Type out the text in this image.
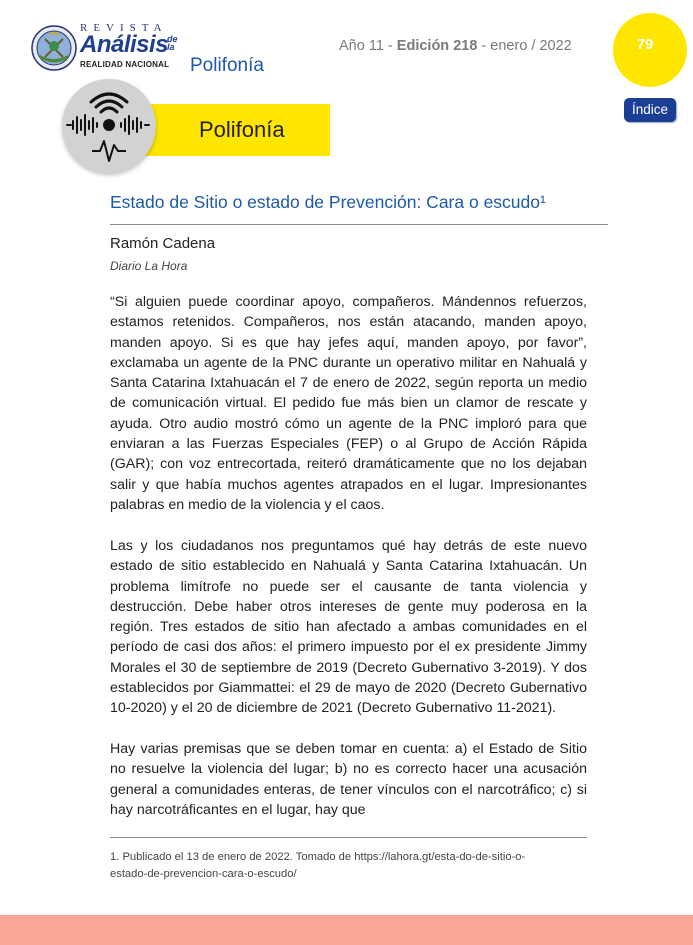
REVISTA
Análisis
de la
REALIDAD NACIONAL Polifonía
Año 11 - Edición 218 - enero / 2022	79
Índice
Polifonía
Estado de Sitio o estado de Prevención: Cara o escudo¹
Ramón Cadena
Diario La Hora

“Si alguien puede coordinar apoyo, compañeros. Mándennos refuerzos, estamos retenidos. Compañeros, nos están atacando, manden apoyo, manden apoyo. Si es que hay jefes aquí, manden apoyo, por favor”, exclamaba un agente de la PNC durante un operativo militar en Nahualá y Santa Catarina Ixtahuacán el 7 de enero de 2022, según reporta un medio de comunicación virtual. El pedido fue más bien un clamor de rescate y ayuda. Otro audio mostró cómo un agente de la PNC imploró para que enviaran a las Fuerzas Especiales (FEP) o al Grupo de Acción Rápida (GAR); con voz entrecortada, reiteró dramáticamente que no los dejaban salir y que había muchos agentes atrapados en el lugar. Impresionantes palabras en medio de la violencia y el caos.

Las y los ciudadanos nos preguntamos qué hay detrás de este nuevo estado de sitio establecido en Nahualá y Santa Catarina Ixtahuacán. Un problema limítrofe no puede ser el causante de tanta violencia y destrucción. Debe haber otros intereses de gente muy poderosa en la región. Tres estados de sitio han afectado a ambas comunidades en el período de casi dos años: el primero impuesto por el ex presidente Jimmy Morales el 30 de septiembre de 2019 (Decreto Gubernativo 3-2019). Y dos establecidos por Giammattei: el 29 de mayo de 2020 (Decreto Gubernativo 10-2020) y el 20 de diciembre de 2021 (Decreto Gubernativo 11-2021).

Hay varias premisas que se deben tomar en cuenta: a) el Estado de Sitio no resuelve la violencia del lugar; b) no es correcto hacer una acusación general a comunidades enteras, de tener vínculos con el narcotráfico; c) si hay narcotráficantes en el lugar, hay que

1. Publicado el 13 de enero de 2022. Tomado de https://lahora.gt/esta-do-de-sitio-o-estado-de-prevencion-cara-o-escudo/
